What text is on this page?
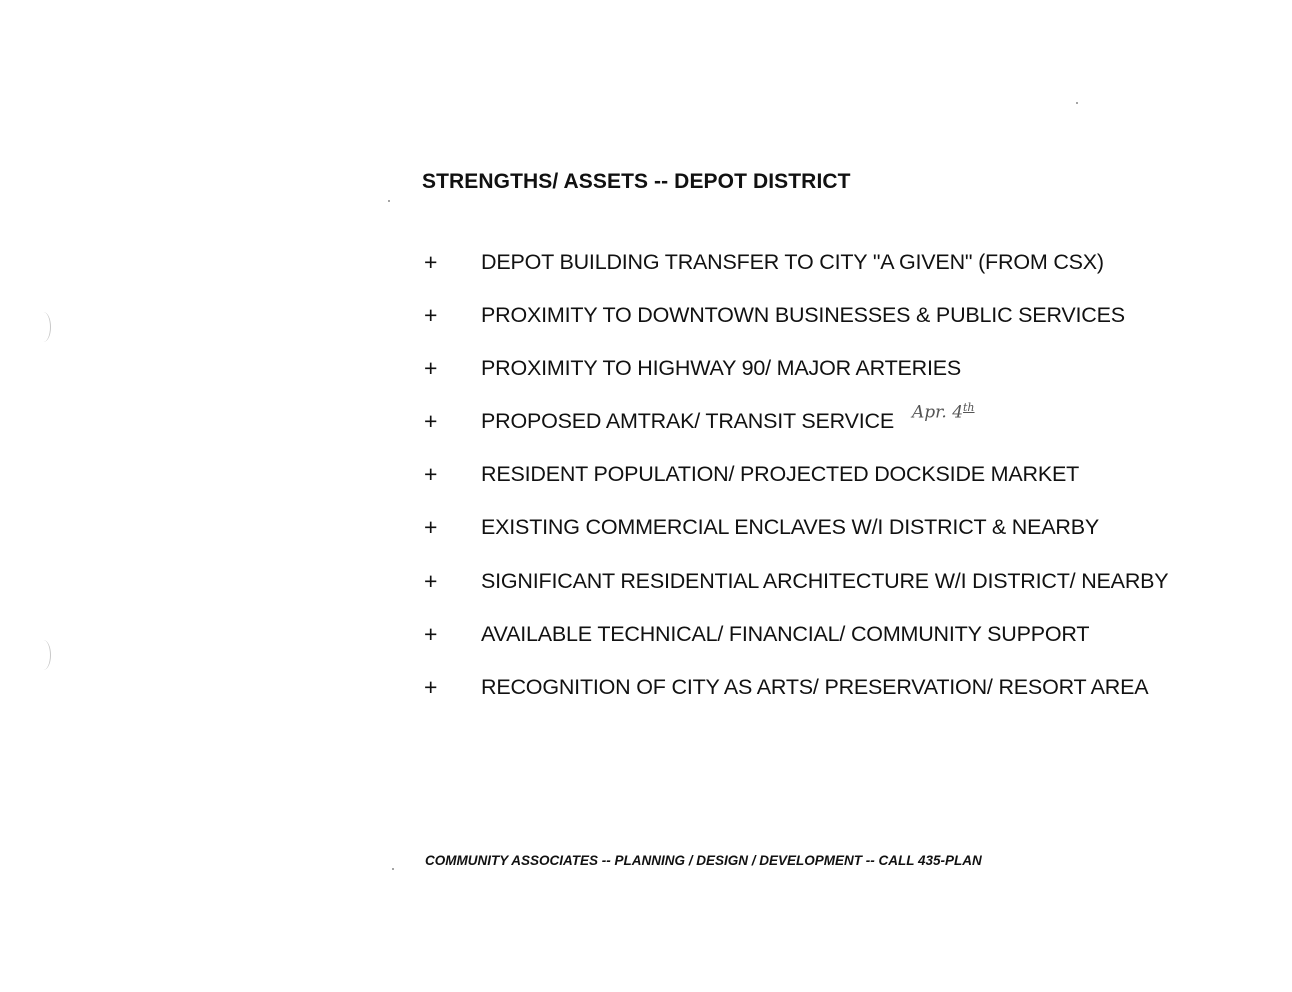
STRENGTHS/ ASSETS -- DEPOT DISTRICT
+	DEPOT BUILDING TRANSFER TO CITY "A GIVEN" (FROM CSX)
+	PROXIMITY TO DOWNTOWN BUSINESSES & PUBLIC SERVICES
+	PROXIMITY TO HIGHWAY 90/ MAJOR ARTERIES
+	PROPOSED AMTRAK/ TRANSIT SERVICE Apr. 4th
+	RESIDENT POPULATION/ PROJECTED DOCKSIDE MARKET
+	EXISTING COMMERCIAL ENCLAVES W/I DISTRICT & NEARBY
+	SIGNIFICANT RESIDENTIAL ARCHITECTURE W/I DISTRICT/ NEARBY
+	AVAILABLE TECHNICAL/ FINANCIAL/ COMMUNITY SUPPORT
+	RECOGNITION OF CITY AS ARTS/ PRESERVATION/ RESORT AREA
COMMUNITY ASSOCIATES -- PLANNING / DESIGN / DEVELOPMENT -- CALL 435-PLAN
